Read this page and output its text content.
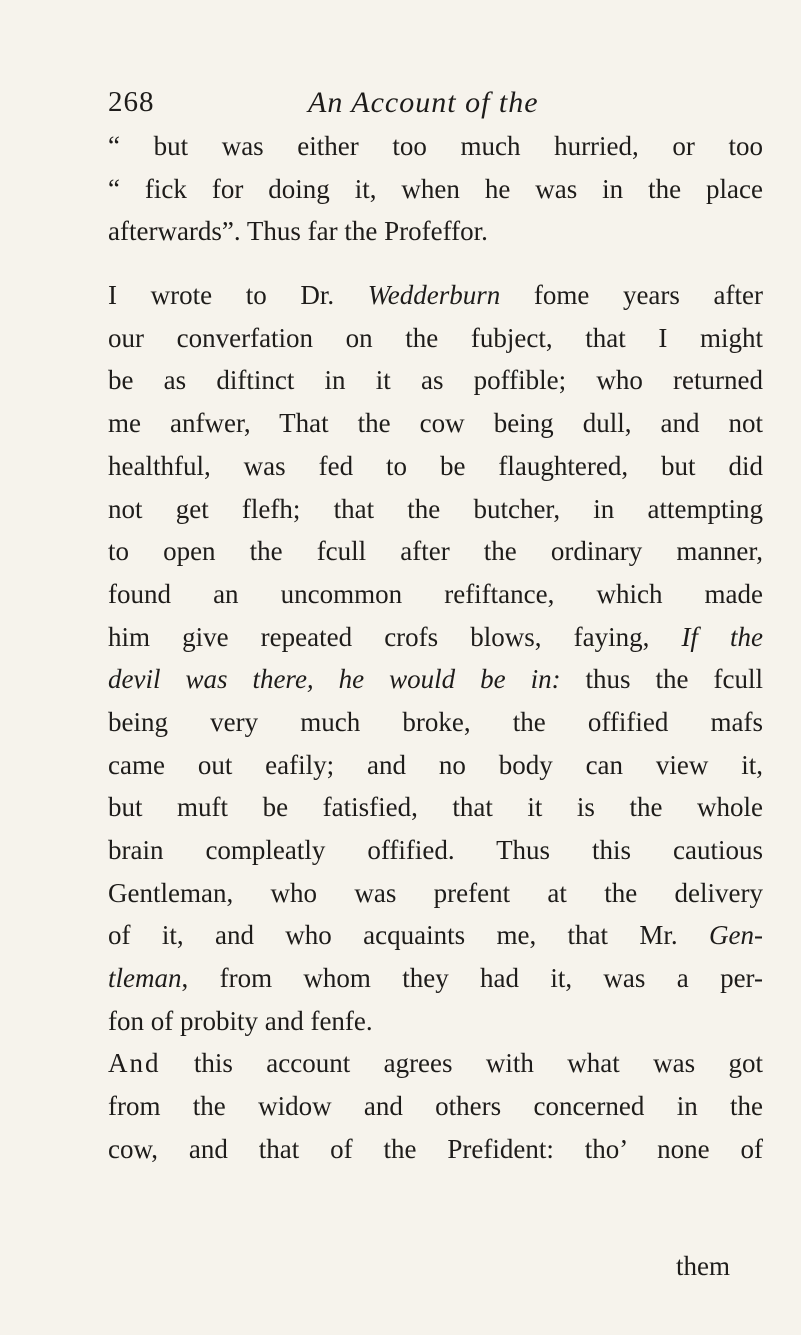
268	An Account of the
“ but was either too much hurried, or too
“ fick for doing it, when he was in the place
afterwards”. Thus far the Profeffor.
I wrote to Dr. Wedderburn fome years after
our converfation on the fubject, that I might
be as diftinct in it as poffible; who returned
me anfwer, That the cow being dull, and not
healthful, was fed to be flaughtered, but did
not get flefh; that the butcher, in attempting
to open the fcull after the ordinary manner,
found an uncommon refiftance, which made
him give repeated crofs blows, faying, If the
devil was there, he would be in: thus the fcull
being very much broke, the offified mafs
came out eafily; and no body can view it,
but muft be fatisfied, that it is the whole
brain compleatly offified. Thus this cautious
Gentleman, who was prefent at the delivery
of it, and who acquaints me, that Mr. Gen-
tleman, from whom they had it, was a per-
fon of probity and fenfe.
And this account agrees with what was got
from the widow and others concerned in the
cow, and that of the Prefident: tho’ none of
them
